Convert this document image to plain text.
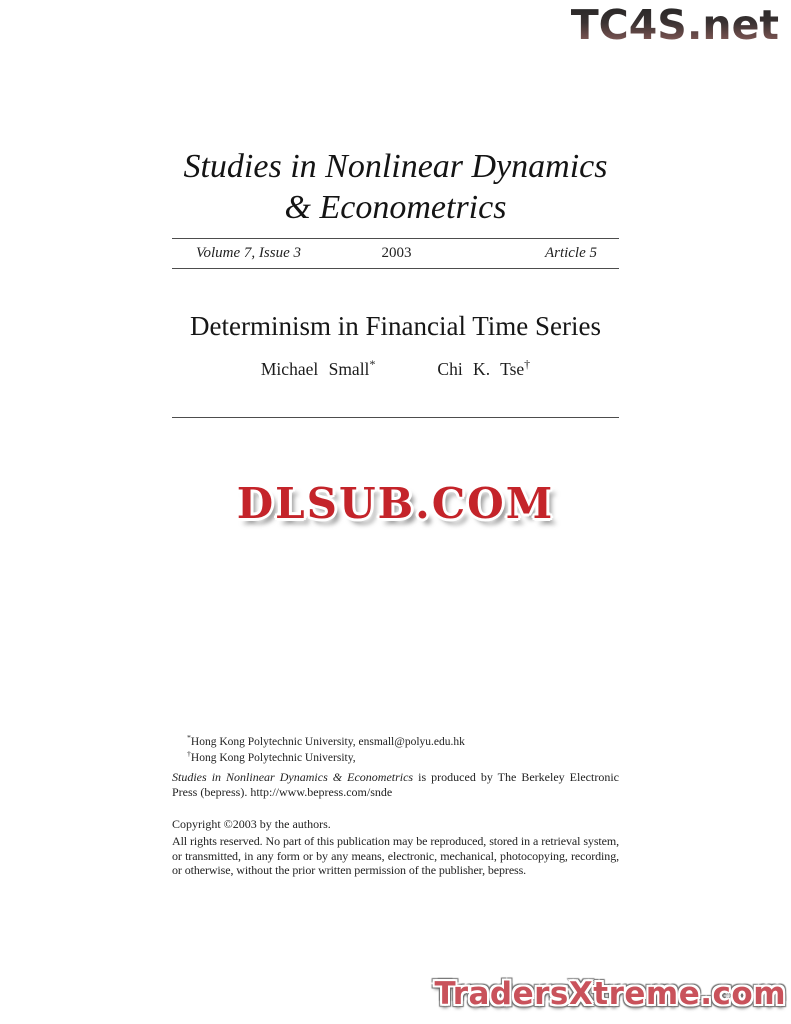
TC4S.net
Studies in Nonlinear Dynamics
& Econometrics
Volume 7, Issue 3	2003	Article 5
Determinism in Financial Time Series
Michael Small*	Chi K. Tse†
DLSUB.COM
*Hong Kong Polytechnic University, ensmall@polyu.edu.hk
†Hong Kong Polytechnic University,

Studies in Nonlinear Dynamics & Econometrics is produced by The Berkeley Electronic Press (bepress). http://www.bepress.com/snde

Copyright ©2003 by the authors.

All rights reserved. No part of this publication may be reproduced, stored in a retrieval system, or transmitted, in any form or by any means, electronic, mechanical, photocopying, recording, or otherwise, without the prior written permission of the publisher, bepress.

TradersXtreme.com
